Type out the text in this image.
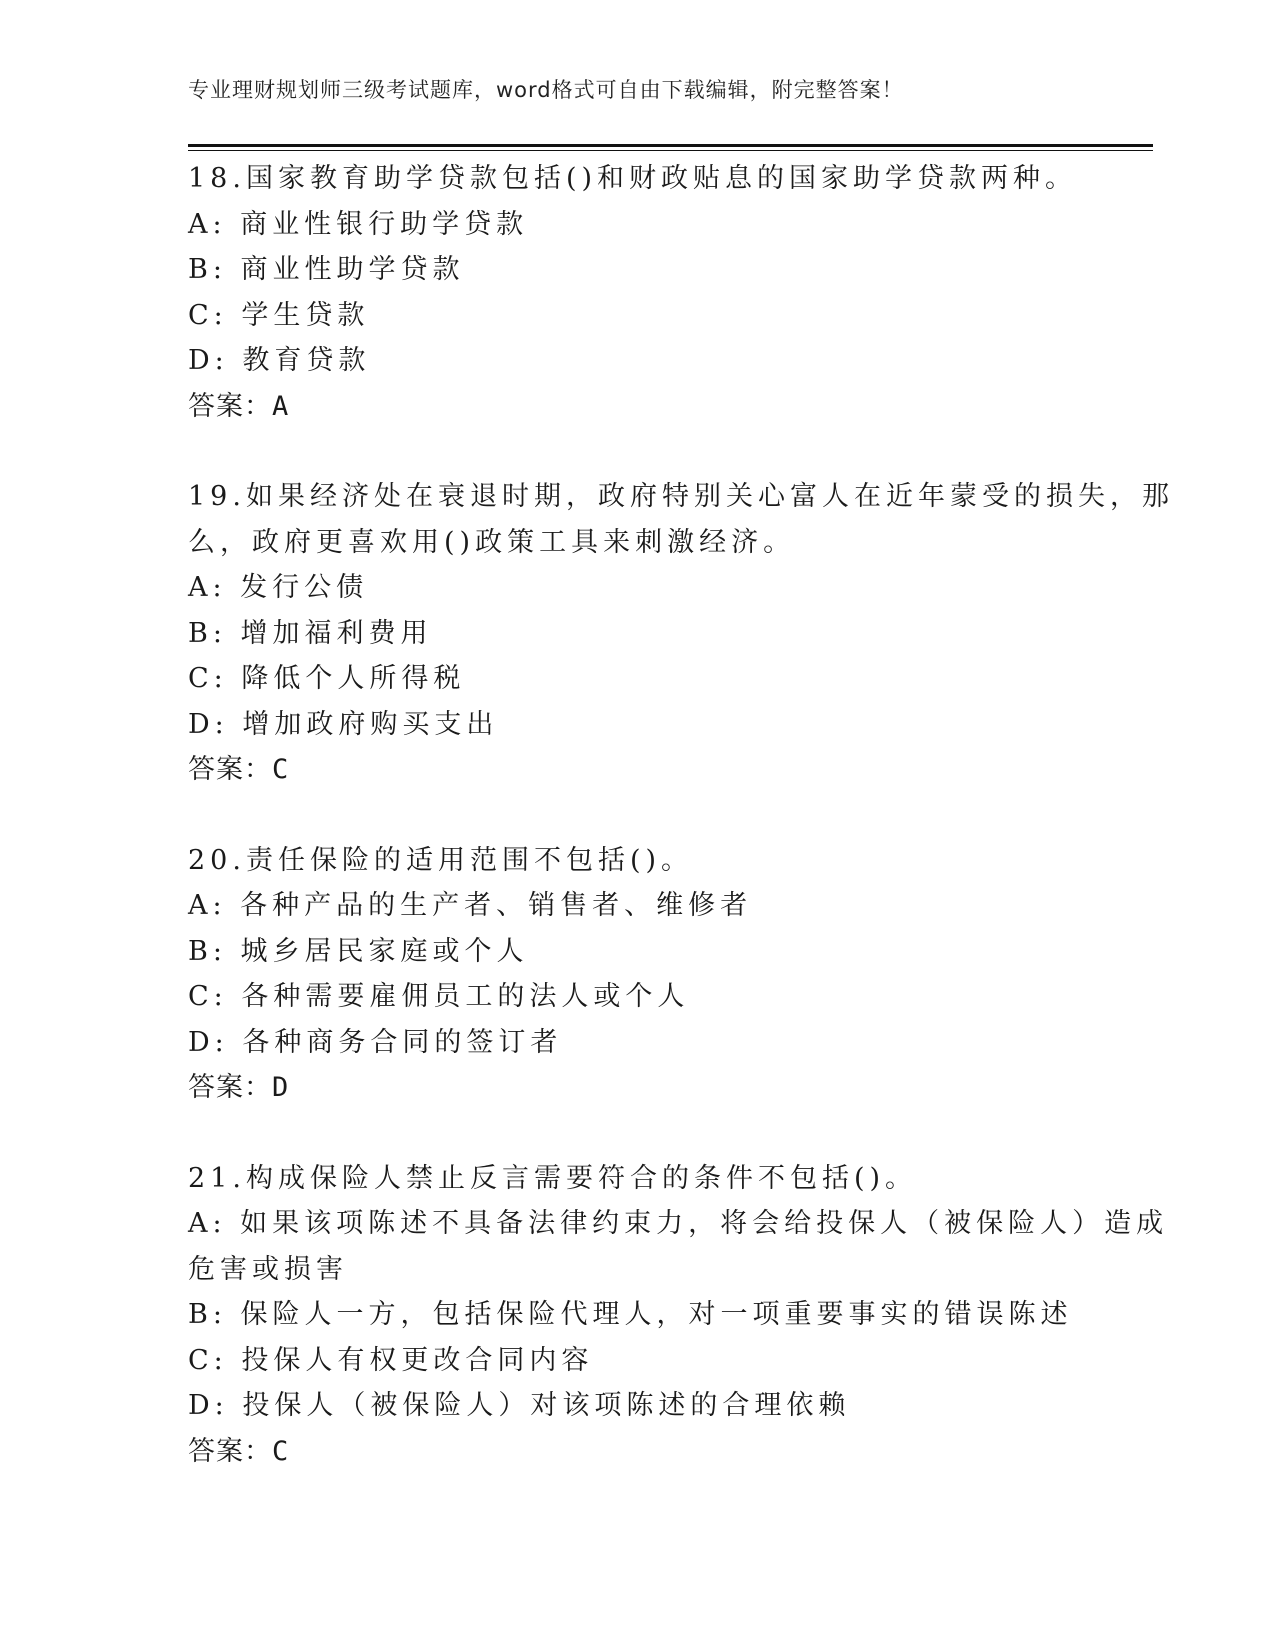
专业理财规划师三级考试题库，word格式可自由下载编辑，附完整答案！
18.国家教育助学贷款包括()和财政贴息的国家助学贷款两种。
A: 商业性银行助学贷款
B: 商业性助学贷款
C: 学生贷款
D: 教育贷款
答案：A
19.如果经济处在衰退时期，政府特别关心富人在近年蒙受的损失，那
么，政府更喜欢用()政策工具来刺激经济。
A: 发行公债
B: 增加福利费用
C: 降低个人所得税
D: 增加政府购买支出
答案：C
20.责任保险的适用范围不包括()。
A: 各种产品的生产者、销售者、维修者
B: 城乡居民家庭或个人
C: 各种需要雇佣员工的法人或个人
D: 各种商务合同的签订者
答案：D
21.构成保险人禁止反言需要符合的条件不包括()。
A: 如果该项陈述不具备法律约束力，将会给投保人（被保险人）造成
危害或损害
B: 保险人一方，包括保险代理人，对一项重要事实的错误陈述
C: 投保人有权更改合同内容
D: 投保人（被保险人）对该项陈述的合理依赖
答案：C
